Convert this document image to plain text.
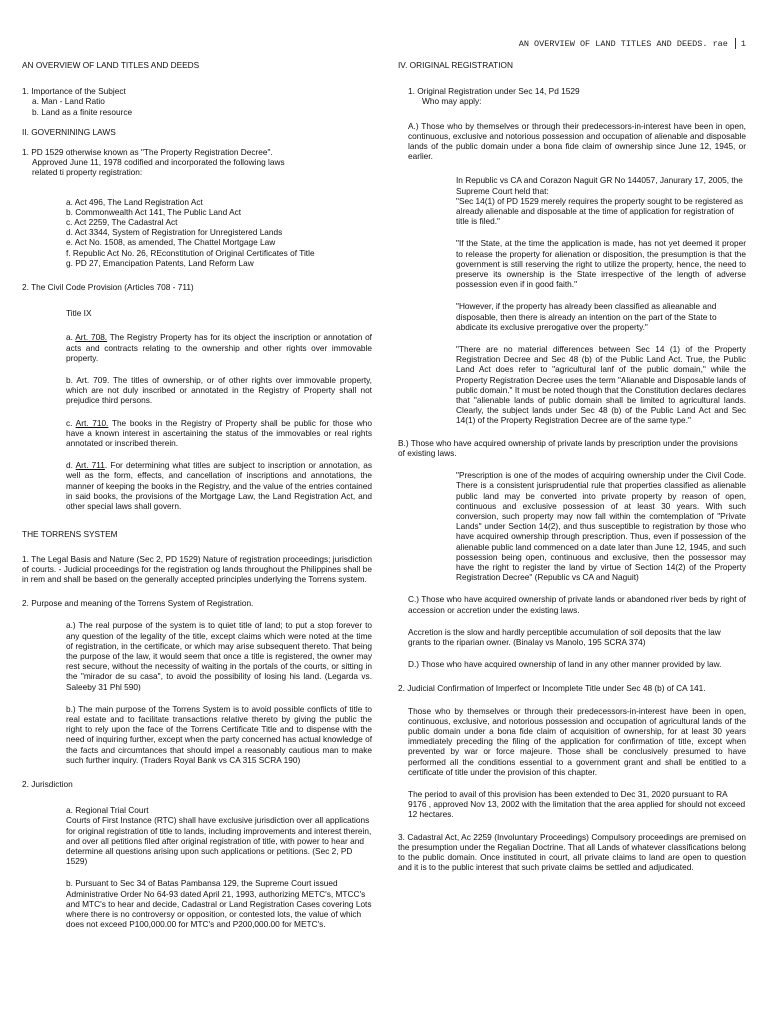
AN OVERVIEW OF LAND TITLES AND DEEDS. rae 1

AN OVERVIEW OF LAND TITLES AND DEEDS

1. Importance of the Subject

a. Man - Land Ratio

b. Land as a finite resource

II. GOVERNINING LAWS

1. PD 1529 otherwise known as "The Property Registration Decree".

Approved June 11, 1978 codified and incorporated the following laws

related ti property registration:

a. Act 496, The Land Registration Act

b. Commonwealth Act 141, The Public Land Act

c. Act 2259, The Cadastral Act

d. Act 3344, System of Registration for Unregistered Lands

e. Act No. 1508, as amended, The Chattel Mortgage Law

f. Republic Act No. 26, REconstitution of Original Certificates of Title

g. PD 27, Emancipation Patents, Land Reform Law

2. The Civil Code Provision (Articles 708 - 711)

Title IX

a. Art. 708. The Registry Property has for its object the inscription or annotation of acts and contracts relating to the ownership and other rights over immovable property.

b. Art. 709. The titles of ownership, or of other rights over immovable property, which are not duly inscribed or annotated in the Registry of Property shall not prejudice third persons.

c. Art. 710. The books in the Registry of Property shall be public for those who have a known interest in ascertaining the status of the immovables or real rights annotated or inscribed therein.

d. Art. 711. For determining what titles are subject to inscription or annotation, as well as the form, effects, and cancellation of inscriptions and annotations, the manner of keeping the books in the Registry, and the value of the entries contained in said books, the provisions of the Mortgage Law, the Land Registration Act, and other special laws shall govern.

THE TORRENS SYSTEM

1. The Legal Basis and Nature (Sec 2, PD 1529) Nature of registration proceedings; jurisdiction of courts. - Judicial proceedings for the registration og lands throughout the Philippines shall be in rem and shall be based on the generally accepted principles underlying the Torrens system.

2. Purpose and meaning of the Torrens System of Registration.

a.) The real purpose of the system is to quiet title of land; to put a stop forever to any question of the legality of the title, except claims which were noted at the time of registration, in the certificate, or which may arise subsequent thereto. That being the purpose of the law, it would seem that once a title is registered, the owner may rest secure, without the necessity of waiting in the portals of the courts, or sitting in the "mirador de su casa", to avoid the possibility of losing his land. (Legarda vs. Saleeby 31 Phl 590)

b.) The main purpose of the Torrens System is to avoid possible conflicts of title to real estate and to facilitate transactions relative thereto by giving the public the right to rely upon the face of the Torrens Certificate Title and to dispense with the need of inquiring further, except when the party concerned has actual knowledge of the facts and circumtances that should impel a reasonably cautious man to make such further inquiry. (Traders Royal Bank vs CA 315 SCRA 190)

2. Jurisdiction

a. Regional Trial Court
Courts of First Instance (RTC) shall have exclusive jurisdiction over all applications for original registration of title to lands, including improvements and interest therein, and over all petitions filed after original registration of title, with power to hear and determine all questions arising upon such applications or petitions. (Sec 2, PD 1529)

b. Pursuant to Sec 34 of Batas Pambansa 129, the Supreme Court issued Administrative Order No 64-93 dated April 21, 1993, authorizing METC's, MTCC's and MTC's to hear and decide, Cadastral or Land Registration Cases covering Lots where there is no controversy or opposition, or contested lots, the value of which does not exceed P100,000.00 for MTC's and P200,000.00 for METC's.

IV. ORIGINAL REGISTRATION

1. Original Registration under Sec 14, Pd 1529

Who may apply:

A.) Those who by themselves or through their predecessors-in-interest have been in open, continuous, exclusive and notorious possession and occupation of alienable and disposable lands of the public domain under a bona fide claim of ownership since June 12, 1945, or earlier.

In Republic vs CA and Corazon Naguit GR No 144057, Janurary 17, 2005, the Supreme Court held that:
"Sec 14(1) of PD 1529 merely requires the property sought to be registered as already alienable and disposable at the time of application for registration of title is filed."

"If the State, at the time the application is made, has not yet deemed it proper to release the property for alienation or disposition, the presumption is that the government is still reserving the right to utilize the property, hence, the need to preserve its ownership is the State irrespective of the length of adverse possession even if in good faith."

"However, if the property has already been classified as alieanable and disposable, then there is already an intention on the part of the State to abdicate its exclusive prerogative over the property."

"There are no material differences between Sec 14 (1) of the Property Registration Decree and Sec 48 (b) of the Public Land Act. True, the Public Land Act does refer to "agricultural lanf of the public domain," while the Property Registration Decree uses the term "Alianable and Disposable lands of public domain." It must be noted though that the Constitution declares declares that "alienable lands of public domain shall be limited to agricultural lands. Clearly, the subject lands under Sec 48 (b) of the Public Land Act and Sec 14(1) of the Property Registration Decree are of the same type."

B.) Those who have acquired ownership of private lands by prescription under the provisions of existing laws.

"Prescription is one of the modes of acquiring ownership under the Civil Code. There is a consistent jurisprudential rule that properties classified as alienable public land may be converted into private property by reason of open, continuous and exclusive possession of at least 30 years. With such conversion, such property may now fall within the comtemplation of "Private Lands" under Section 14(2), and thus susceptible to registration by those who have acquired ownership through prescription. Thus, even if possession of the alienable public land commenced on a date later than June 12, 1945, and such possession being open, continuous and exclusive, then the possessor may have the right to register the land by virtue of Section 14(2) of the Property Registration Decree" (Republic vs CA and Naguit)

C.) Those who have acquired ownership of private lands or abandoned river beds by right of accession or accretion under the existing laws.

Accretion is the slow and hardly perceptible accumulation of soil deposits that the law grants to the riparian owner. (Binalay vs Manolo, 195 SCRA 374)

D.) Those who have acquired ownership of land in any other manner provided by law.

2. Judicial Confirmation of Imperfect or Incomplete Title under Sec 48 (b) of CA 141.

Those who by themselves or through their predecessors-in-interest have been in open, continuous, exclusive, and notorious possession and occupation of agricultural lands of the public domain under a bona fide claim of acquisition of ownership, for at least 30 years immediately preceding the filing of the application for confirmation of title, except when prevented by war or force majeure. Those shall be conclusively presumed to have performed all the conditions essential to a government grant and shall be entitled to a certificate of title under the provision of this chapter.

The period to avail of this provision has been extended to Dec 31, 2020 pursuant to RA 9176 , approved Nov 13, 2002 with the limitation that the area applied for should not exceed 12 hectares.

3. Cadastral Act, Ac 2259 (Involuntary Proceedings) Compulsory proceedings are premised on the presumption under the Regalian Doctrine. That all Lands of whatever classifications belong to the public domain. Once instituted in court, all private claims to land are open to question and it is to the public interest that such private claims be settled and adjudicated.
